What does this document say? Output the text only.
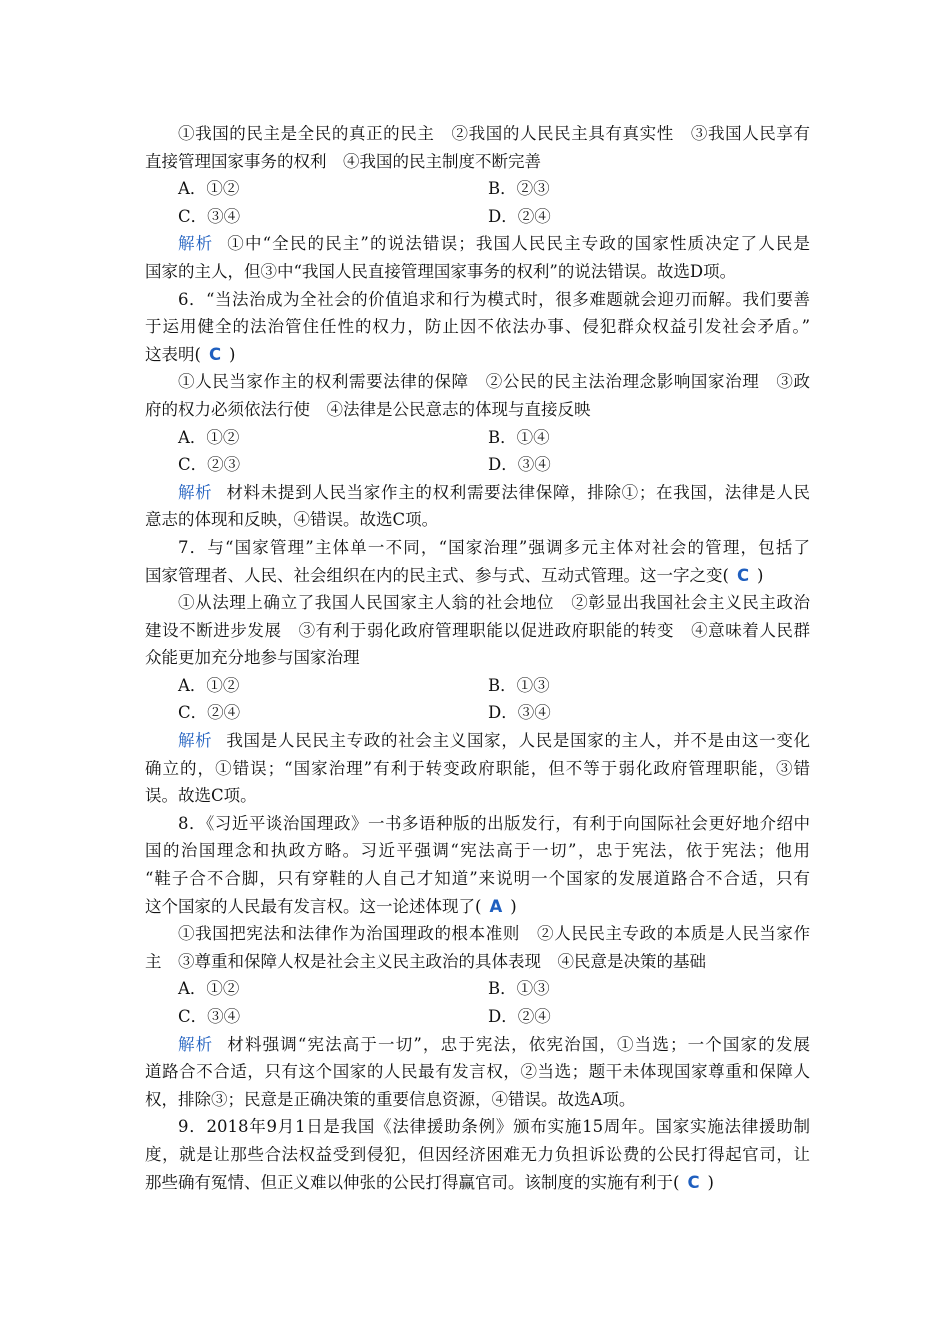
①我国的民主是全民的真正的民主　②我国的人民民主具有真实性　③我国人民享有
直接管理国家事务的权利　④我国的民主制度不断完善
A．①②	B．②③
C．③④	D．②④
解析 ①中“全民的民主”的说法错误；我国人民民主专政的国家性质决定了人民是
国家的主人，但③中“我国人民直接管理国家事务的权利”的说法错误。故选D项。
6．“当法治成为全社会的价值追求和行为模式时，很多难题就会迎刃而解。我们要善
于运用健全的法治管住任性的权力，防止因不依法办事、侵犯群众权益引发社会矛盾。”
这表明( C )
①人民当家作主的权利需要法律的保障　②公民的民主法治理念影响国家治理　③政
府的权力必须依法行使　④法律是公民意志的体现与直接反映
A．①②	B．①④
C．②③	D．③④
解析 材料未提到人民当家作主的权利需要法律保障，排除①；在我国，法律是人民
意志的体现和反映，④错误。故选C项。
7．与“国家管理”主体单一不同，“国家治理”强调多元主体对社会的管理，包括了
国家管理者、人民、社会组织在内的民主式、参与式、互动式管理。这一字之变( C )
①从法理上确立了我国人民国家主人翁的社会地位　②彰显出我国社会主义民主政治
建设不断进步发展　③有利于弱化政府管理职能以促进政府职能的转变　④意味着人民群
众能更加充分地参与国家治理
A．①②	B．①③
C．②④	D．③④
解析 我国是人民民主专政的社会主义国家，人民是国家的主人，并不是由这一变化
确立的，①错误；“国家治理”有利于转变政府职能，但不等于弱化政府管理职能，③错
误。故选C项。
8．《习近平谈治国理政》一书多语种版的出版发行，有利于向国际社会更好地介绍中
国的治国理念和执政方略。习近平强调“宪法高于一切”，忠于宪法，依于宪法；他用
“鞋子合不合脚，只有穿鞋的人自己才知道”来说明一个国家的发展道路合不合适，只有
这个国家的人民最有发言权。这一论述体现了( A )
①我国把宪法和法律作为治国理政的根本准则　②人民民主专政的本质是人民当家作
主　③尊重和保障人权是社会主义民主政治的具体表现　④民意是决策的基础
A．①②	B．①③
C．③④	D．②④
解析 材料强调“宪法高于一切”，忠于宪法，依宪治国，①当选；一个国家的发展
道路合不合适，只有这个国家的人民最有发言权，②当选；题干未体现国家尊重和保障人
权，排除③；民意是正确决策的重要信息资源，④错误。故选A项。
9．2018年9月1日是我国《法律援助条例》颁布实施15周年。国家实施法律援助制
度，就是让那些合法权益受到侵犯，但因经济困难无力负担诉讼费的公民打得起官司，让
那些确有冤情、但正义难以伸张的公民打得赢官司。该制度的实施有利于( C )
